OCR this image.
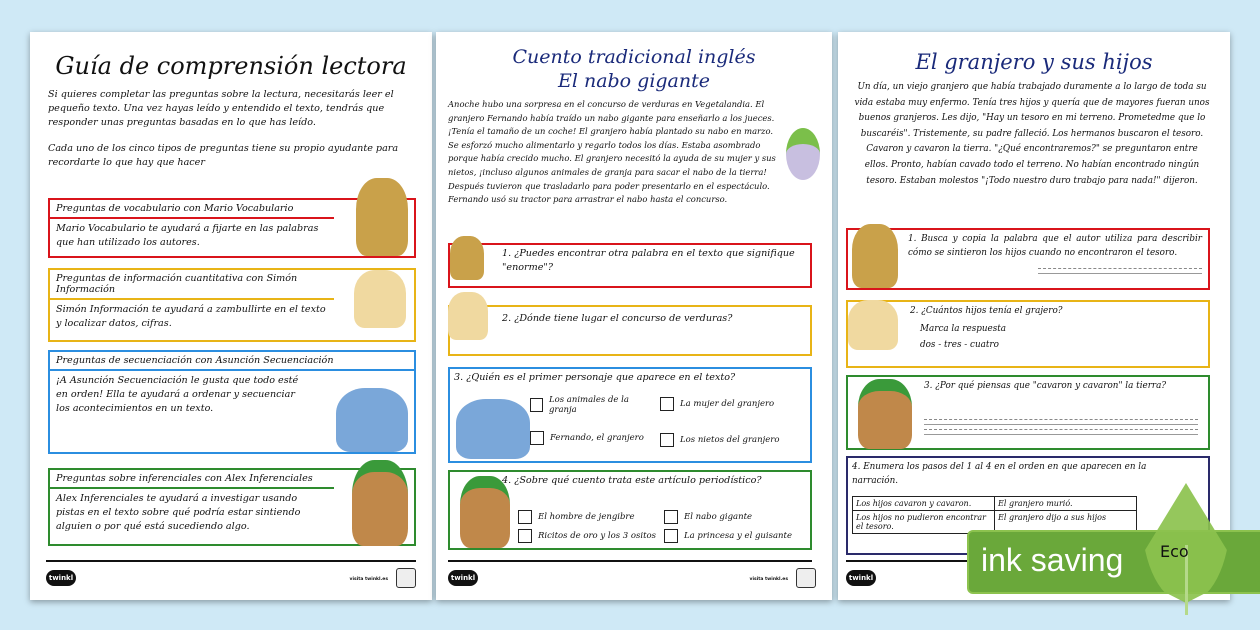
Guía de comprensión lectora
Si quieres completar las preguntas sobre la lectura, necesitarás leer el pequeño texto. Una vez hayas leído y entendido el texto, tendrás que responder unas preguntas basadas en lo que has leído.
Cada uno de los cinco tipos de preguntas tiene su propio ayudante para recordarte lo que hay que hacer
Preguntas de vocabulario con Mario Vocabulario
Mario Vocabulario te ayudará a fijarte en las palabras que han utilizado los autores.
Preguntas de información cuantitativa con Simón Información
Simón Información te ayudará a zambullirte en el texto y localizar datos, cifras.
Preguntas de secuenciación con Asunción Secuenciación
¡A Asunción Secuenciación le gusta que todo esté en orden! Ella te ayudará a ordenar y secuenciar los acontecimientos en un texto.
Preguntas sobre inferenciales con Alex Inferenciales
Alex Inferenciales te ayudará a investigar usando pistas en el texto sobre qué podría estar sintiendo alguien o por qué está sucediendo algo.
twinkl	visita twinkl.es
Cuento tradicional inglés
El nabo gigante
Anoche hubo una sorpresa en el concurso de verduras en Vegetalandia. El granjero Fernando había traído un nabo gigante para enseñarlo a los jueces. ¡Tenía el tamaño de un coche! El granjero había plantado su nabo en marzo. Se esforzó mucho alimentarlo y regarlo todos los días. Estaba asombrado porque había crecido mucho. El granjero necesitó la ayuda de su mujer y sus nietos, ¡incluso algunos animales de granja para sacar el nabo de la tierra! Después tuvieron que trasladarlo para poder presentarlo en el espectáculo. Fernando usó su tractor para arrastrar el nabo hasta el concurso.
1. ¿Puedes encontrar otra palabra en el texto que signifique "enorme"?
2. ¿Dónde tiene lugar el concurso de verduras?
3. ¿Quién es el primer personaje que aparece en el texto?
Los animales de la granja
La mujer del granjero
Fernando, el granjero	Los nietos del granjero
4. ¿Sobre qué cuento trata este artículo periodístico?
El hombre de jengibre	El nabo gigante
Ricitos de oro y los 3 ositos	La princesa y el guisante
twinkl	visita twinkl.es
El granjero y sus hijos
Un día, un viejo granjero que había trabajado duramente a lo largo de toda su vida estaba muy enfermo. Tenía tres hijos y quería que de mayores fueran unos buenos granjeros. Les dijo, "Hay un tesoro en mi terreno. Prometedme que lo buscaréis". Tristemente, su padre falleció. Los hermanos buscaron el tesoro. Cavaron y cavaron la tierra. "¿Qué encontraremos?" se preguntaron entre ellos. Pronto, habían cavado todo el terreno. No habían encontrado ningún tesoro. Estaban molestos "¡Todo nuestro duro trabajo para nada!" dijeron.
1. Busca y copia la palabra que el autor utiliza para describir cómo se sintieron los hijos cuando no encontraron el tesoro.
2. ¿Cuántos hijos tenía el grajero?
Marca la respuesta
dos - tres - cuatro
3. ¿Por qué piensas que "cavaron y cavaron" la tierra?
4. Enumera los pasos del 1 al 4 en el orden en que aparecen en la narración.
Los hijos cavaron y cavaron.	El granjero murió.
Los hijos no pudieron encontrar el tesoro.	El granjero dijo a sus hijos
twinkl	ink saving Eco
